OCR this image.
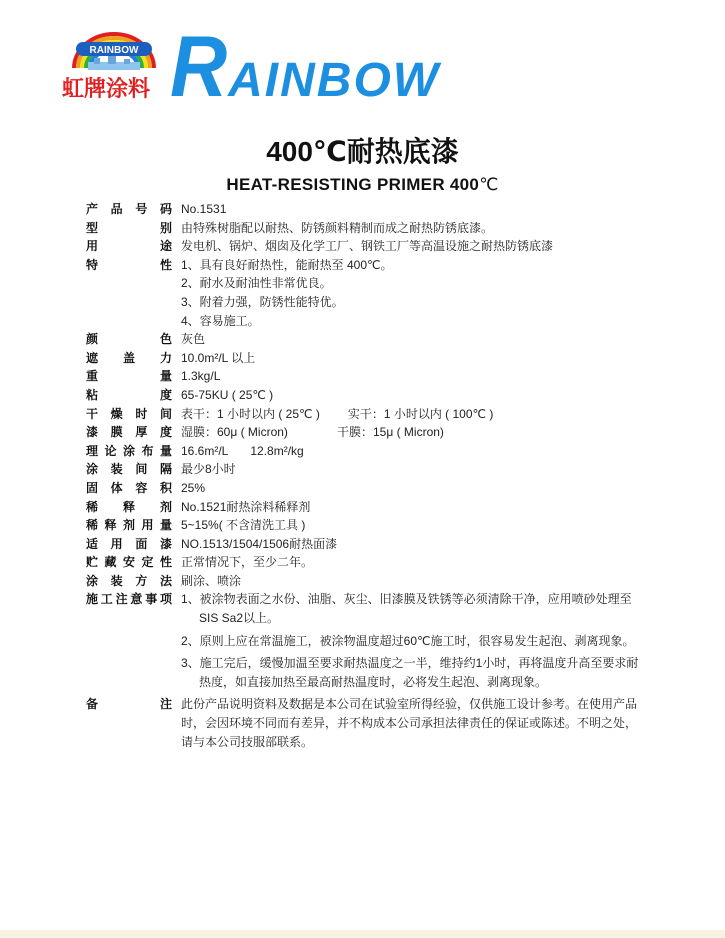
RAINBOW
虹牌涂料 RAINBOW
400℃耐热底漆
HEAT-RESISTING PRIMER 400℃
产品号码 No.1531
型别 由特殊树脂配以耐热、防锈颜料精制而成之耐热防锈底漆。
用途 发电机、锅炉、烟囱及化学工厂、钢铁工厂等高温设施之耐热防锈底漆
特性 1、具有良好耐热性，能耐热至 400℃。
2、耐水及耐油性非常优良。
3、附着力强，防锈性能特优。
4、容易施工。
颜色 灰色
遮盖力 10.0m²/L 以上
重量 1.3kg/L
粘度 65-75KU ( 25℃ )
干燥时间 表干：1 小时以内 ( 25℃ ) 实干：1 小时以内 ( 100℃ )
漆膜厚度 湿膜：60μ ( Micron)	干膜：15μ ( Micron)
理论涂布量 16.6m²/L 12.8m²/kg
涂装间隔 最少8小时
固体容积 25%
稀释剂 No.1521耐热涂料稀释剂
稀释剂用量 5~15%( 不含清洗工具 )
适用面漆 NO.1513/1504/1506耐热面漆
贮藏安定性 正常情况下，至少二年。
涂装方法 刷涂、喷涂
施工注意事项 1、被涂物表面之水份、油脂、灰尘、旧漆膜及铁锈等必须清除干净，应用喷砂处理至 SIS Sa2以上。
2、原则上应在常温施工，被涂物温度超过60℃施工时，很容易发生起泡、剥离现象。
3、施工完后，缓慢加温至要求耐热温度之一半，维持约1小时，再将温度升高至要求耐热度，如直接加热至最高耐热温度时，必将发生起泡、剥离现象。
备注 此份产品说明资料及数据是本公司在试验室所得经验，仅供施工设计参考。在使用产品时，会因环境不同而有差异，并不构成本公司承担法律责任的保证或陈述。不明之处，请与本公司技服部联系。
